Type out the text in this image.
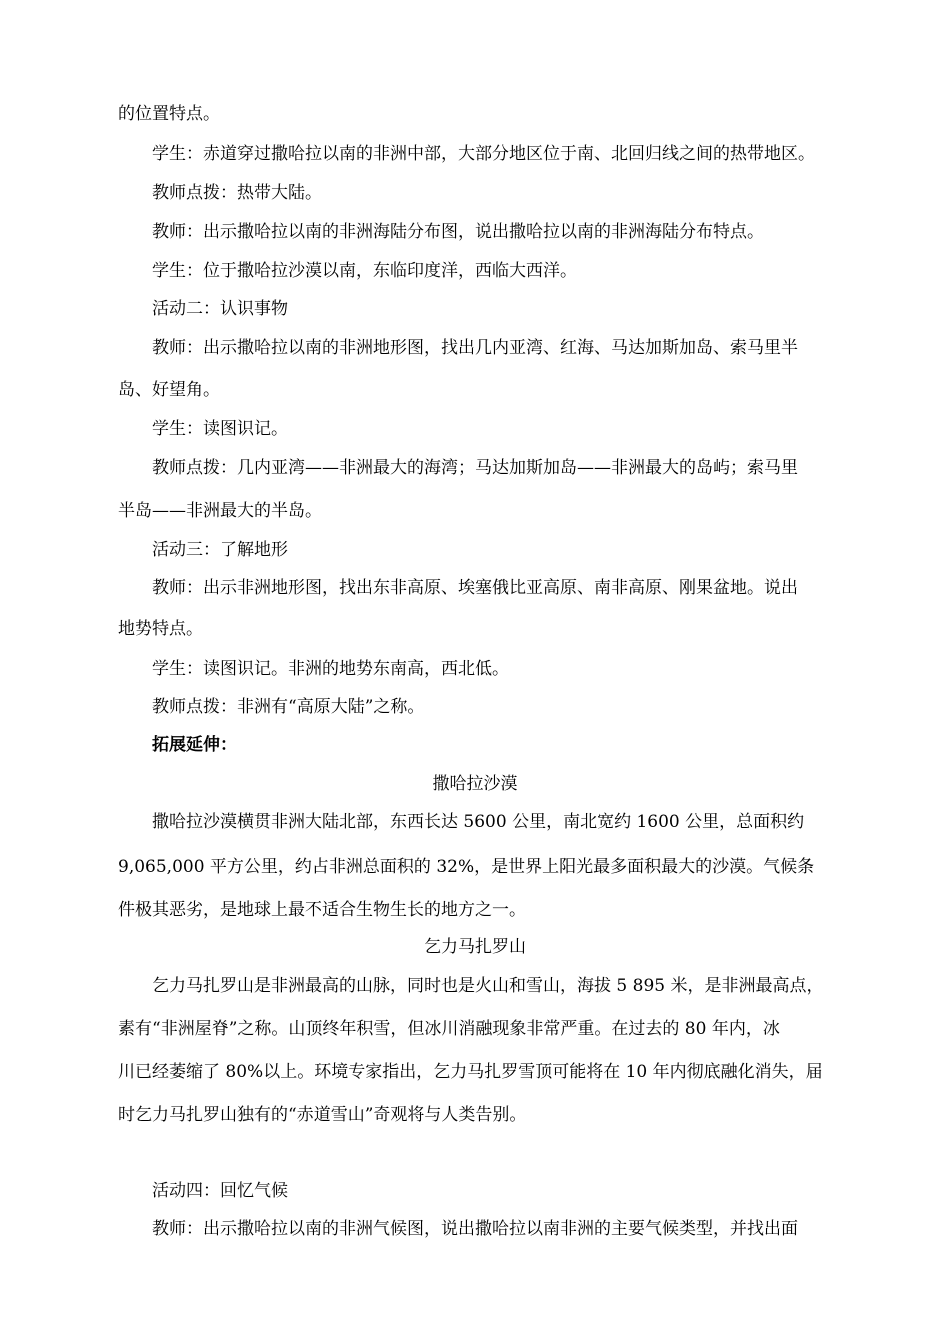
的位置特点。

学生：赤道穿过撒哈拉以南的非洲中部，大部分地区位于南、北回归线之间的热带地区。

教师点拨：热带大陆。

教师：出示撒哈拉以南的非洲海陆分布图，说出撒哈拉以南的非洲海陆分布特点。

学生：位于撒哈拉沙漠以南，东临印度洋，西临大西洋。

活动二：认识事物

教师：出示撒哈拉以南的非洲地形图，找出几内亚湾、红海、马达加斯加岛、索马里半

岛、好望角。

学生：读图识记。

教师点拨：几内亚湾——非洲最大的海湾；马达加斯加岛——非洲最大的岛屿；索马里

半岛——非洲最大的半岛。

活动三：了解地形

教师：出示非洲地形图，找出东非高原、埃塞俄比亚高原、南非高原、刚果盆地。说出

地势特点。

学生：读图识记。非洲的地势东南高，西北低。

教师点拨：非洲有“高原大陆”之称。

拓展延伸：

撒哈拉沙漠

撒哈拉沙漠横贯非洲大陆北部，东西长达 5600 公里，南北宽约 1600 公里，总面积约

9,065,000 平方公里，约占非洲总面积的 32%，是世界上阳光最多面积最大的沙漠。气候条

件极其恶劣，是地球上最不适合生物生长的地方之一。

乞力马扎罗山

乞力马扎罗山是非洲最高的山脉，同时也是火山和雪山，海拔 5 895 米，是非洲最高点，

素有“非洲屋脊”之称。山顶终年积雪，但冰川消融现象非常严重。在过去的 80 年内，冰

川已经萎缩了 80%以上。环境专家指出，乞力马扎罗雪顶可能将在 10 年内彻底融化消失，届

时乞力马扎罗山独有的“赤道雪山”奇观将与人类告别。

活动四：回忆气候

教师：出示撒哈拉以南的非洲气候图，说出撒哈拉以南非洲的主要气候类型，并找出面
